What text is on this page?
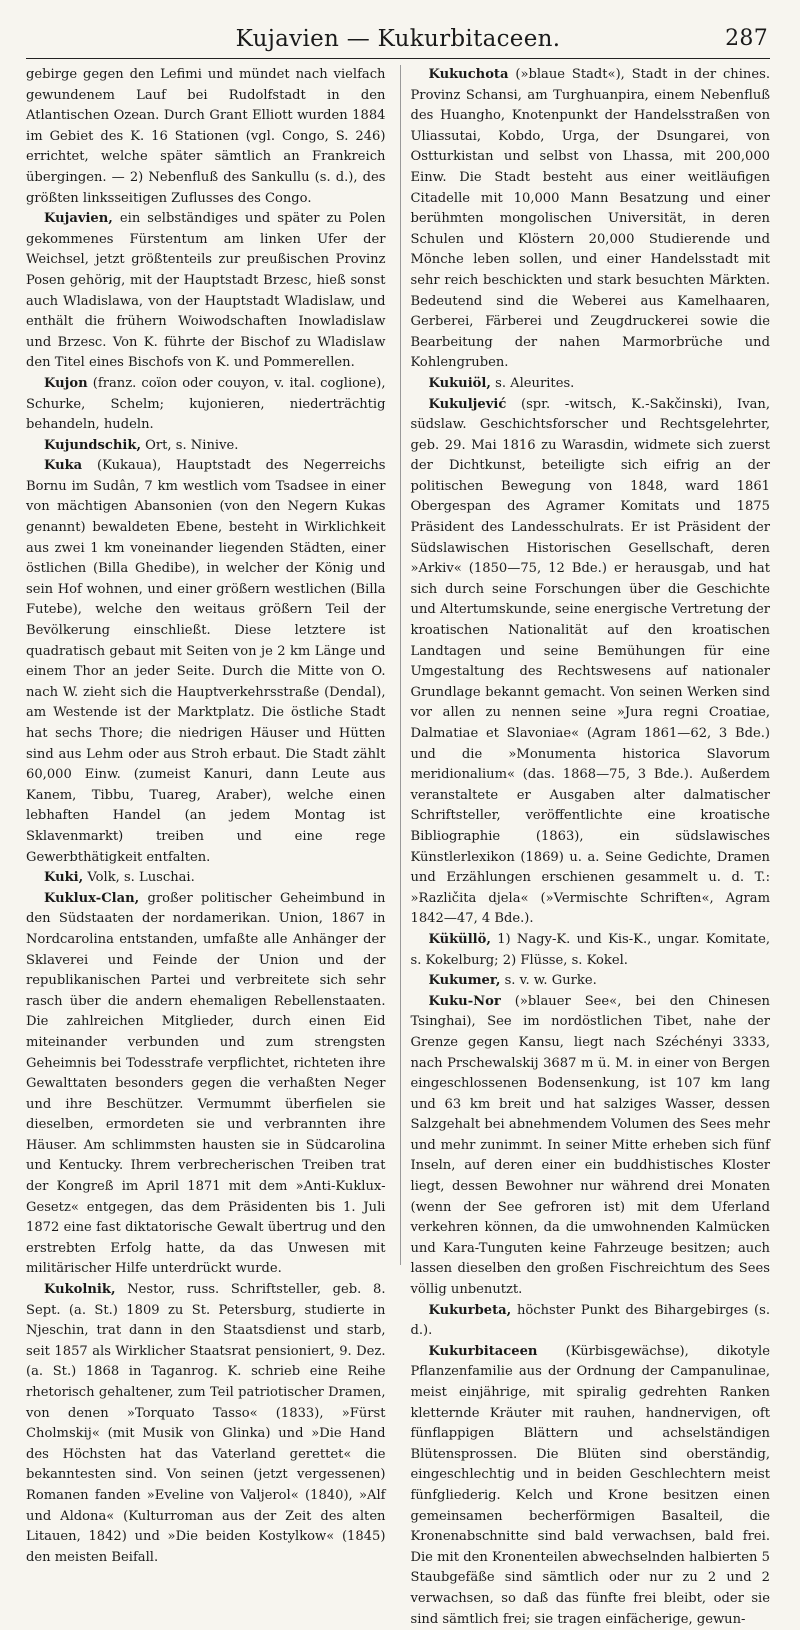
Kujavien — Kukurbitaceen.	287

gebirge gegen den Lefimi und mündet nach vielfach gewundenem Lauf bei Rudolfstadt in den Atlantischen Ozean. Durch Grant Elliott wurden 1884 im Gebiet des K. 16 Stationen (vgl. Congo, S. 246) errichtet, welche später sämtlich an Frankreich übergingen. — 2) Nebenfluß des Sankullu (s. d.), des größten linksseitigen Zuflusses des Congo.

Kujavien, ein selbständiges und später zu Polen gekommenes Fürstentum am linken Ufer der Weichsel, jetzt größtenteils zur preußischen Provinz Posen gehörig, mit der Hauptstadt Brzesc, hieß sonst auch Wladislawa, von der Hauptstadt Wladislaw, und enthält die frühern Woiwodschaften Inowladislaw und Brzesc. Von K. führte der Bischof zu Wladislaw den Titel eines Bischofs von K. und Pommerellen.

Kujon (franz. coïon oder couyon, v. ital. coglione), Schurke, Schelm; kujonieren, niederträchtig behandeln, hudeln.

Kujundschik, Ort, s. Ninive.

Kuka (Kukaua), Hauptstadt des Negerreichs Bornu im Sudân, 7 km westlich vom Tsadsee in einer von mächtigen Abansonien (von den Negern Kukas genannt) bewaldeten Ebene, besteht in Wirklichkeit aus zwei 1 km voneinander liegenden Städten, einer östlichen (Billa Ghedibe), in welcher der König und sein Hof wohnen, und einer größern westlichen (Billa Futebe), welche den weitaus größern Teil der Bevölkerung einschließt. Diese letztere ist quadratisch gebaut mit Seiten von je 2 km Länge und einem Thor an jeder Seite. Durch die Mitte von O. nach W. zieht sich die Hauptverkehrsstraße (Dendal), am Westende ist der Marktplatz. Die östliche Stadt hat sechs Thore; die niedrigen Häuser und Hütten sind aus Lehm oder aus Stroh erbaut. Die Stadt zählt 60,000 Einw. (zumeist Kanuri, dann Leute aus Kanem, Tibbu, Tuareg, Araber), welche einen lebhaften Handel (an jedem Montag ist Sklavenmarkt) treiben und eine rege Gewerbthätigkeit entfalten.

Kuki, Volk, s. Luschai.

Kuklux-Clan, großer politischer Geheimbund in den Südstaaten der nordamerikan. Union, 1867 in Nordcarolina entstanden, umfaßte alle Anhänger der Sklaverei und Feinde der Union und der republikanischen Partei und verbreitete sich sehr rasch über die andern ehemaligen Rebellenstaaten. Die zahlreichen Mitglieder, durch einen Eid miteinander verbunden und zum strengsten Geheimnis bei Todesstrafe verpflichtet, richteten ihre Gewalttaten besonders gegen die verhaßten Neger und ihre Beschützer. Vermummt überfielen sie dieselben, ermordeten sie und verbrannten ihre Häuser. Am schlimmsten hausten sie in Südcarolina und Kentucky. Ihrem verbrecherischen Treiben trat der Kongreß im April 1871 mit dem »Anti-Kuklux-Gesetz« entgegen, das dem Präsidenten bis 1. Juli 1872 eine fast diktatorische Gewalt übertrug und den erstrebten Erfolg hatte, da das Unwesen mit militärischer Hilfe unterdrückt wurde.

Kukolnik, Nestor, russ. Schriftsteller, geb. 8. Sept. (a. St.) 1809 zu St. Petersburg, studierte in Njeschin, trat dann in den Staatsdienst und starb, seit 1857 als Wirklicher Staatsrat pensioniert, 9. Dez. (a. St.) 1868 in Taganrog. K. schrieb eine Reihe rhetorisch gehaltener, zum Teil patriotischer Dramen, von denen »Torquato Tasso« (1833), »Fürst Cholmskij« (mit Musik von Glinka) und »Die Hand des Höchsten hat das Vaterland gerettet« die bekanntesten sind. Von seinen (jetzt vergessenen) Romanen fanden »Eveline von Valjerol« (1840), »Alf und Aldona« (Kulturroman aus der Zeit des alten Litauen, 1842) und »Die beiden Kostylkow« (1845) den meisten Beifall.

Kukuchota (»blaue Stadt«), Stadt in der chines. Provinz Schansi, am Turghuanpira, einem Nebenfluß des Huangho, Knotenpunkt der Handelsstraßen von Uliassutai, Kobdo, Urga, der Dsungarei, von Ostturkistan und selbst von Lhassa, mit 200,000 Einw. Die Stadt besteht aus einer weitläufigen Citadelle mit 10,000 Mann Besatzung und einer berühmten mongolischen Universität, in deren Schulen und Klöstern 20,000 Studierende und Mönche leben sollen, und einer Handelsstadt mit sehr reich beschickten und stark besuchten Märkten. Bedeutend sind die Weberei aus Kamelhaaren, Gerberei, Färberei und Zeugdruckerei sowie die Bearbeitung der nahen Marmorbrüche und Kohlengruben.

Kukuiöl, s. Aleurites.

Kukuljević (spr. -witsch, K.-Sakčinski), Ivan, südslaw. Geschichtsforscher und Rechtsgelehrter, geb. 29. Mai 1816 zu Warasdin, widmete sich zuerst der Dichtkunst, beteiligte sich eifrig an der politischen Bewegung von 1848, ward 1861 Obergespan des Agramer Komitats und 1875 Präsident des Landesschulrats. Er ist Präsident der Südslawischen Historischen Gesellschaft, deren »Arkiv« (1850—75, 12 Bde.) er herausgab, und hat sich durch seine Forschungen über die Geschichte und Altertumskunde, seine energische Vertretung der kroatischen Nationalität auf den kroatischen Landtagen und seine Bemühungen für eine Umgestaltung des Rechtswesens auf nationaler Grundlage bekannt gemacht. Von seinen Werken sind vor allen zu nennen seine »Jura regni Croatiae, Dalmatiae et Slavoniae« (Agram 1861—62, 3 Bde.) und die »Monumenta historica Slavorum meridionalium« (das. 1868—75, 3 Bde.). Außerdem veranstaltete er Ausgaben alter dalmatischer Schriftsteller, veröffentlichte eine kroatische Bibliographie (1863), ein südslawisches Künstlerlexikon (1869) u. a. Seine Gedichte, Dramen und Erzählungen erschienen gesammelt u. d. T.: »Različita djela« (»Vermischte Schriften«, Agram 1842—47, 4 Bde.).

Küküllö, 1) Nagy-K. und Kis-K., ungar. Komitate, s. Kokelburg; 2) Flüsse, s. Kokel.

Kukumer, s. v. w. Gurke.

Kuku-Nor (»blauer See«, bei den Chinesen Tsinghai), See im nordöstlichen Tibet, nahe der Grenze gegen Kansu, liegt nach Széchényi 3333, nach Prschewalskij 3687 m ü. M. in einer von Bergen eingeschlossenen Bodensenkung, ist 107 km lang und 63 km breit und hat salziges Wasser, dessen Salzgehalt bei abnehmendem Volumen des Sees mehr und mehr zunimmt. In seiner Mitte erheben sich fünf Inseln, auf deren einer ein buddhistisches Kloster liegt, dessen Bewohner nur während drei Monaten (wenn der See gefroren ist) mit dem Uferland verkehren können, da die umwohnenden Kalmücken und Kara-Tunguten keine Fahrzeuge besitzen; auch lassen dieselben den großen Fischreichtum des Sees völlig unbenutzt.

Kukurbeta, höchster Punkt des Bihargebirges (s. d.).

Kukurbitaceen (Kürbisgewächse), dikotyle Pflanzenfamilie aus der Ordnung der Campanulinae, meist einjährige, mit spiralig gedrehten Ranken kletternde Kräuter mit rauhen, handnervigen, oft fünflappigen Blättern und achselständigen Blütensprossen. Die Blüten sind oberständig, eingeschlechtig und in beiden Geschlechtern meist fünfgliederig. Kelch und Krone besitzen einen gemeinsamen becherförmigen Basalteil, die Kronenabschnitte sind bald verwachsen, bald frei. Die mit den Kronenteilen abwechselnden halbierten 5 Staubgefäße sind sämtlich oder nur zu 2 und 2 verwachsen, so daß das fünfte frei bleibt, oder sie sind sämtlich frei; sie tragen einfächerige, gewun-
